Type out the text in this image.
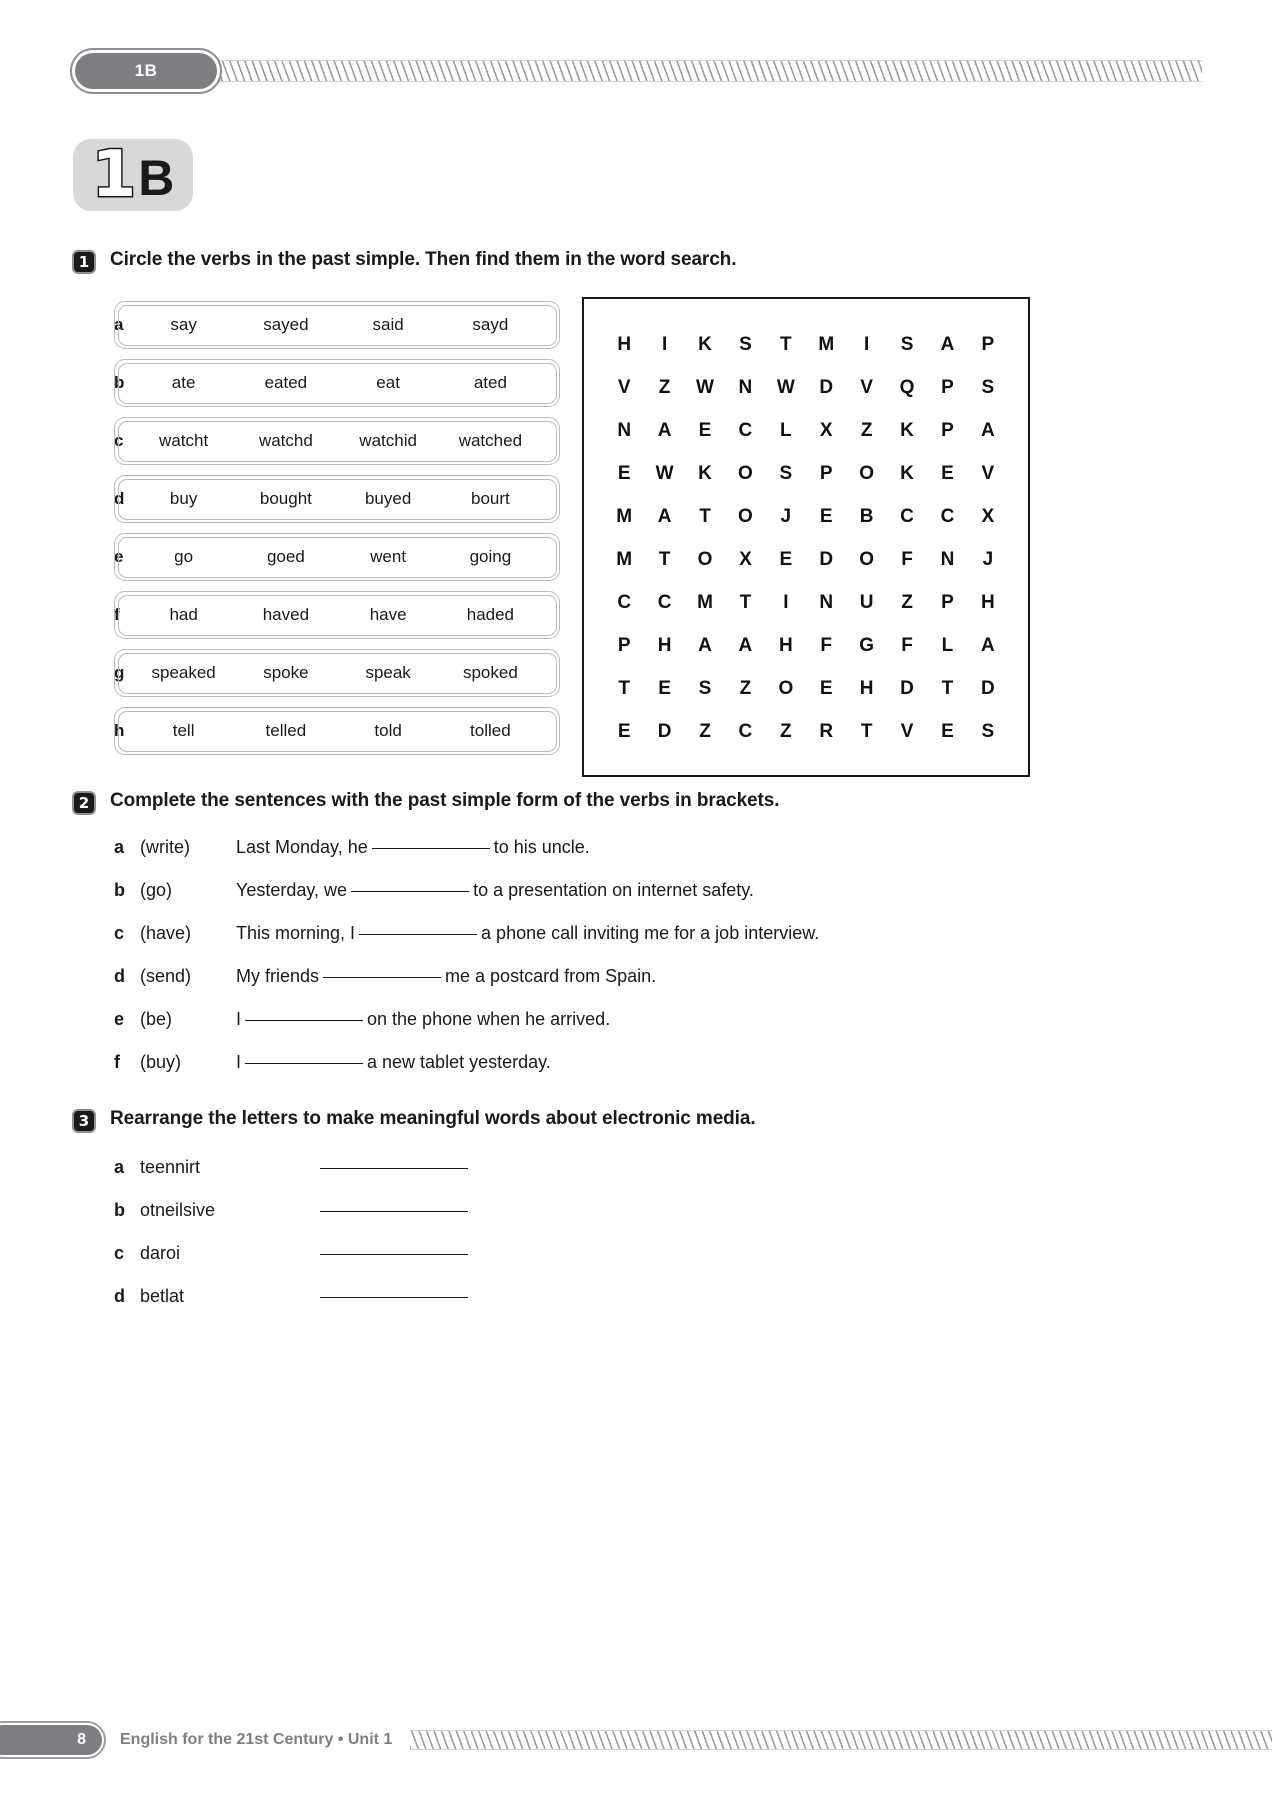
1B
1 B
1	Circle the verbs in the past simple. Then find them in the word search.
a	say	sayed	said	sayd
b	ate	eated	eat	ated
c	watcht	watchd	watchid	watched
d	buy	bought	buyed	bourt
e	go	goed	went	going
f	had	haved	have	haded
g	speaked	spoke	speak	spoked
h	tell	telled	told	tolled
H	I	K	S	T	M	I	S	A	P
V	Z	W	N	W	D	V	Q	P	S
N	A	E	C	L	X	Z	K	P	A
E	W	K	O	S	P	O	K	E	V
M	A	T	O	J	E	B	C	C	X
M	T	O	X	E	D	O	F	N	J
C	C	M	T	I	N	U	Z	P	H
P	H	A	A	H	F	G	F	L	A
T	E	S	Z	O	E	H	D	T	D
E	D	Z	C	Z	R	T	V	E	S
2	Complete the sentences with the past simple form of the verbs in brackets.
a (write)	Last Monday, he	to his uncle.
b (go)	Yesterday, we	to a presentation on internet safety.
c (have)	This morning, I	a phone call inviting me for a job interview.
d (send)	My friends	me a postcard from Spain.
e (be)	I	on the phone when he arrived.
f	(buy)	I	a new tablet yesterday.
3	Rearrange the letters to make meaningful words about electronic media.
a teennirt
b otneilsive
c daroi
d betlat
8	English for the 21st Century • Unit 1
